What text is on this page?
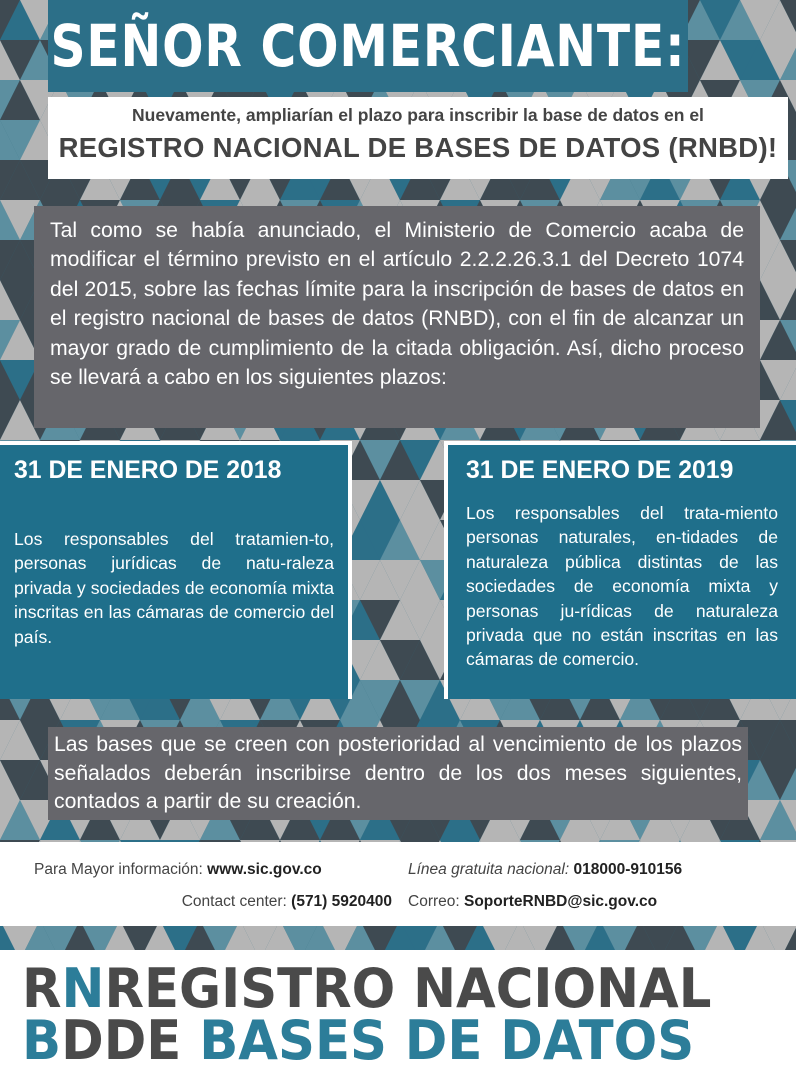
SEÑOR COMERCIANTE:
Nuevamente, ampliarían el plazo para inscribir la base de datos en el
REGISTRO NACIONAL DE BASES DE DATOS (RNBD)!
Tal como se había anunciado, el Ministerio de Comercio acaba de modificar el término previsto en el artículo 2.2.2.26.3.1 del Decreto 1074 del 2015, sobre las fechas límite para la inscripción de bases de datos en el registro nacional de bases de datos (RNBD), con el fin de alcanzar un mayor grado de cumplimiento de la citada obligación. Así, dicho proceso se llevará a cabo en los siguientes plazos:
31 DE ENERO DE 2018

Los responsables del tratamien-to, personas jurídicas de natu-raleza privada y sociedades de economía mixta inscritas en las cámaras de comercio del país.

31 DE ENERO DE 2019

Los responsables del trata-miento personas naturales, en-tidades de naturaleza pública distintas de las sociedades de economía mixta y personas ju-rídicas de naturaleza privada que no están inscritas en las cámaras de comercio.

Las bases que se creen con posterioridad al vencimiento de los plazos señalados deberán inscribirse dentro de los dos meses siguientes, contados a partir de su creación.
Para Mayor información: www.sic.gov.co	Línea gratuita nacional: 018000-910156
Contact center: (571) 5920400 Correo: SoporteRNBD@sic.gov.co
RNREGISTRO NACIONAL
BDDE BASES DE DATOS
